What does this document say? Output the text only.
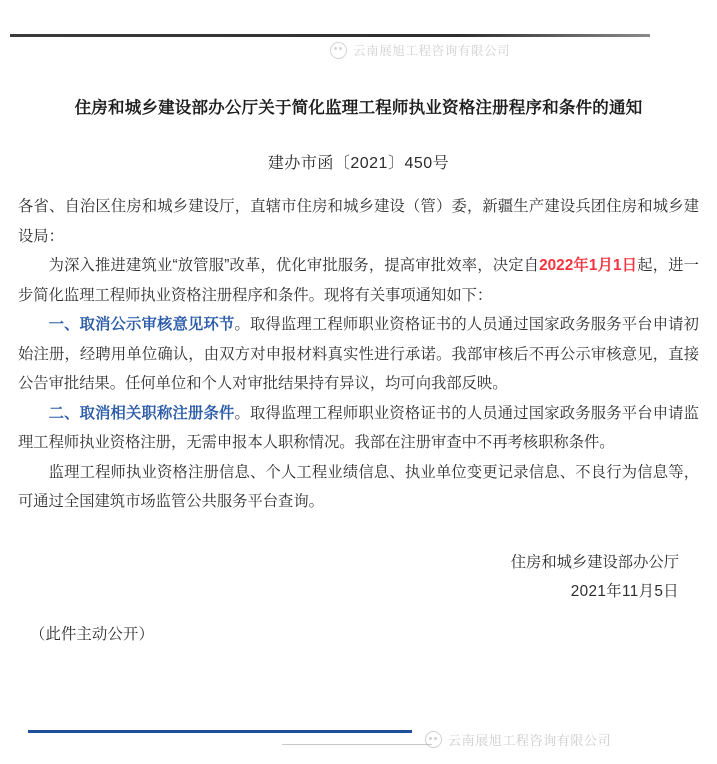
云南展旭工程咨询有限公司
住房和城乡建设部办公厅关于简化监理工程师执业资格注册程序和条件的通知
建办市函〔2021〕450号

各省、自治区住房和城乡建设厅，直辖市住房和城乡建设（管）委，新疆生产建设兵团住房和城乡建设局：

为深入推进建筑业“放管服”改革，优化审批服务，提高审批效率，决定自2022年1月1日起，进一步简化监理工程师执业资格注册程序和条件。现将有关事项通知如下：

一、取消公示审核意见环节。取得监理工程师职业资格证书的人员通过国家政务服务平台申请初始注册，经聘用单位确认，由双方对申报材料真实性进行承诺。我部审核后不再公示审核意见，直接公告审批结果。任何单位和个人对审批结果持有异议，均可向我部反映。

二、取消相关职称注册条件。取得监理工程师职业资格证书的人员通过国家政务服务平台申请监理工程师执业资格注册，无需申报本人职称情况。我部在注册审查中不再考核职称条件。

监理工程师执业资格注册信息、个人工程业绩信息、执业单位变更记录信息、不良行为信息等，可通过全国建筑市场监管公共服务平台查询。

住房和城乡建设部办公厅
2021年11月5日
（此件主动公开）
云南展旭工程咨询有限公司
